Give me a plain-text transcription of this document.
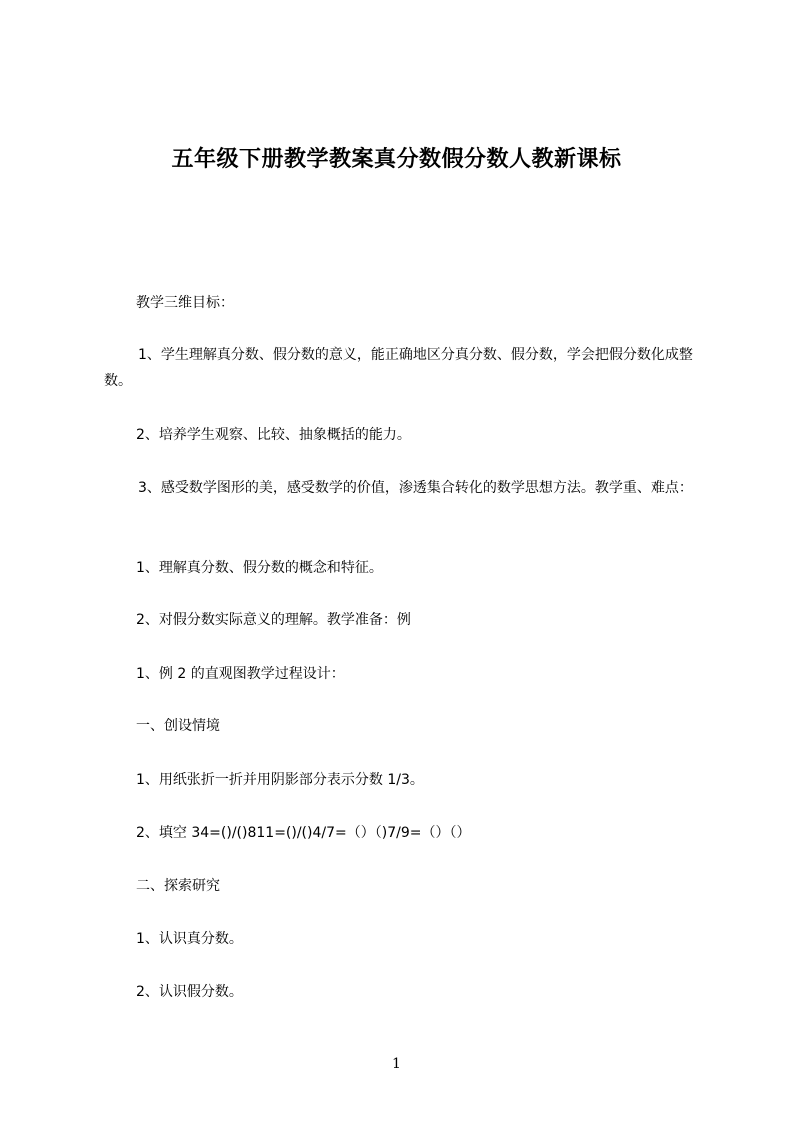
五年级下册教学教案真分数假分数人教新课标
教学三维目标：
1、学生理解真分数、假分数的意义，能正确地区分真分数、假分数，学会把假分数化成整数。
2、培养学生观察、比较、抽象概括的能力。
3、感受数学图形的美，感受数学的价值，渗透集合转化的数学思想方法。教学重、难点：
1、理解真分数、假分数的概念和特征。
2、对假分数实际意义的理解。教学准备：例
1、例 2 的直观图教学过程设计：
一、创设情境
1、用纸张折一折并用阴影部分表示分数 1/3。
2、填空 34=()/()811=()/()4/7=（）（)7/9=（）（）
二、探索研究
1、认识真分数。
2、认识假分数。
1
